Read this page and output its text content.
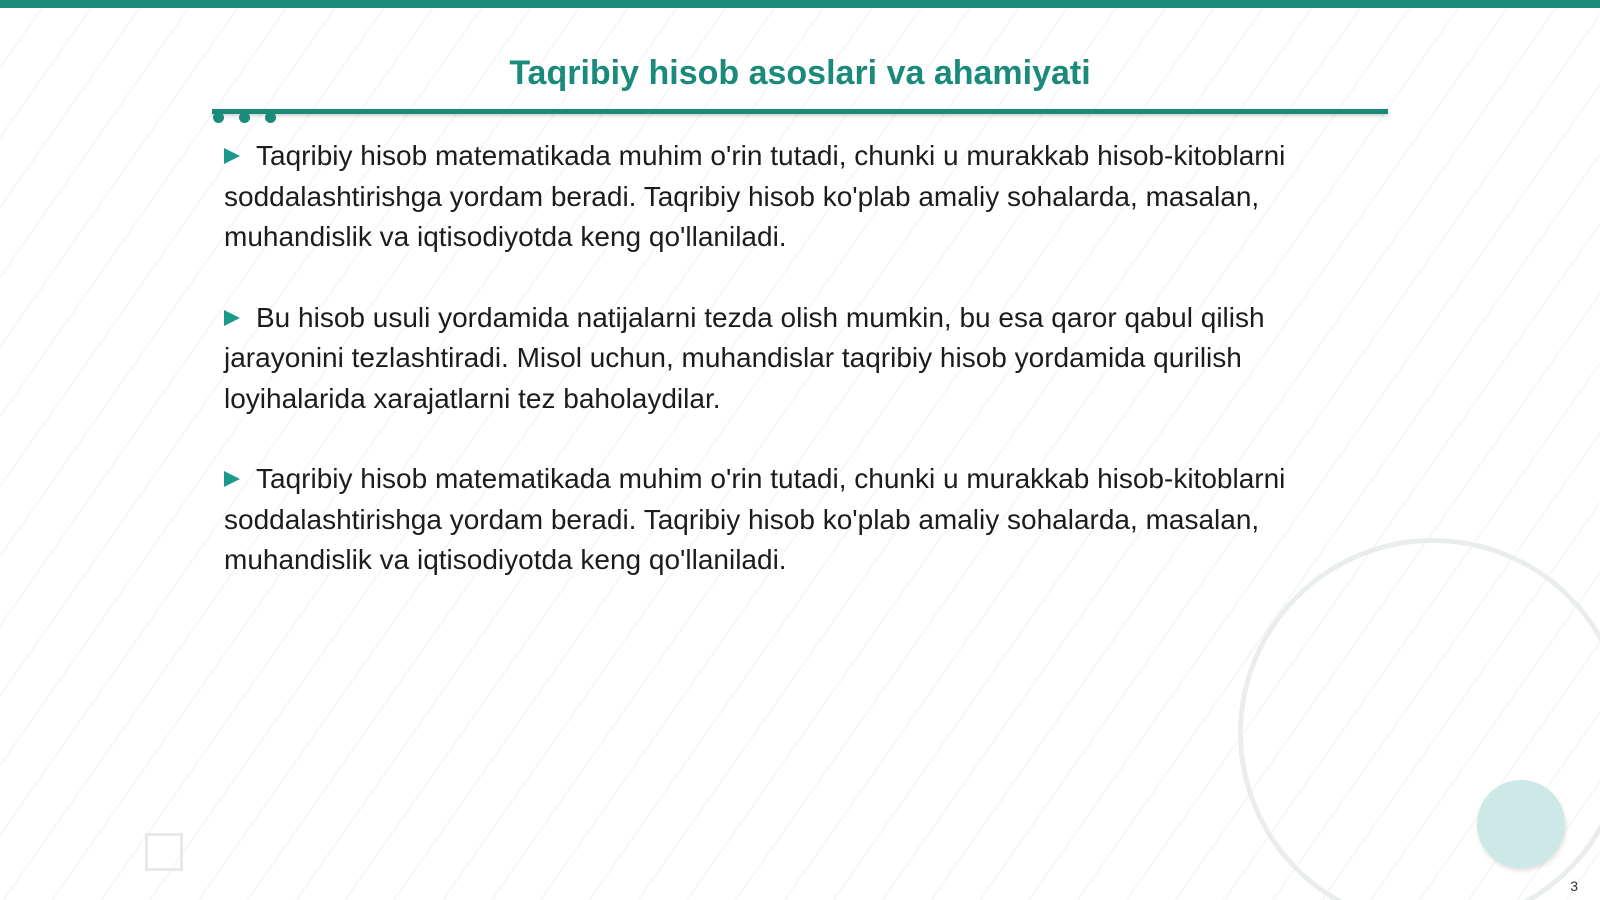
Taqribiy hisob asoslari va ahamiyati

Taqribiy hisob matematikada muhim o'rin tutadi, chunki u murakkab hisob-kitoblarni soddalashtirishga yordam beradi. Taqribiy hisob ko'plab amaliy sohalarda, masalan, muhandislik va iqtisodiyotda keng qo'llaniladi.

Bu hisob usuli yordamida natijalarni tezda olish mumkin, bu esa qaror qabul qilish jarayonini tezlashtiradi. Misol uchun, muhandislar taqribiy hisob yordamida qurilish loyihalarida xarajatlarni tez baholaydilar.

Taqribiy hisob matematikada muhim o'rin tutadi, chunki u murakkab hisob-kitoblarni soddalashtirishga yordam beradi. Taqribiy hisob ko'plab amaliy sohalarda, masalan, muhandislik va iqtisodiyotda keng qo'llaniladi.

3
